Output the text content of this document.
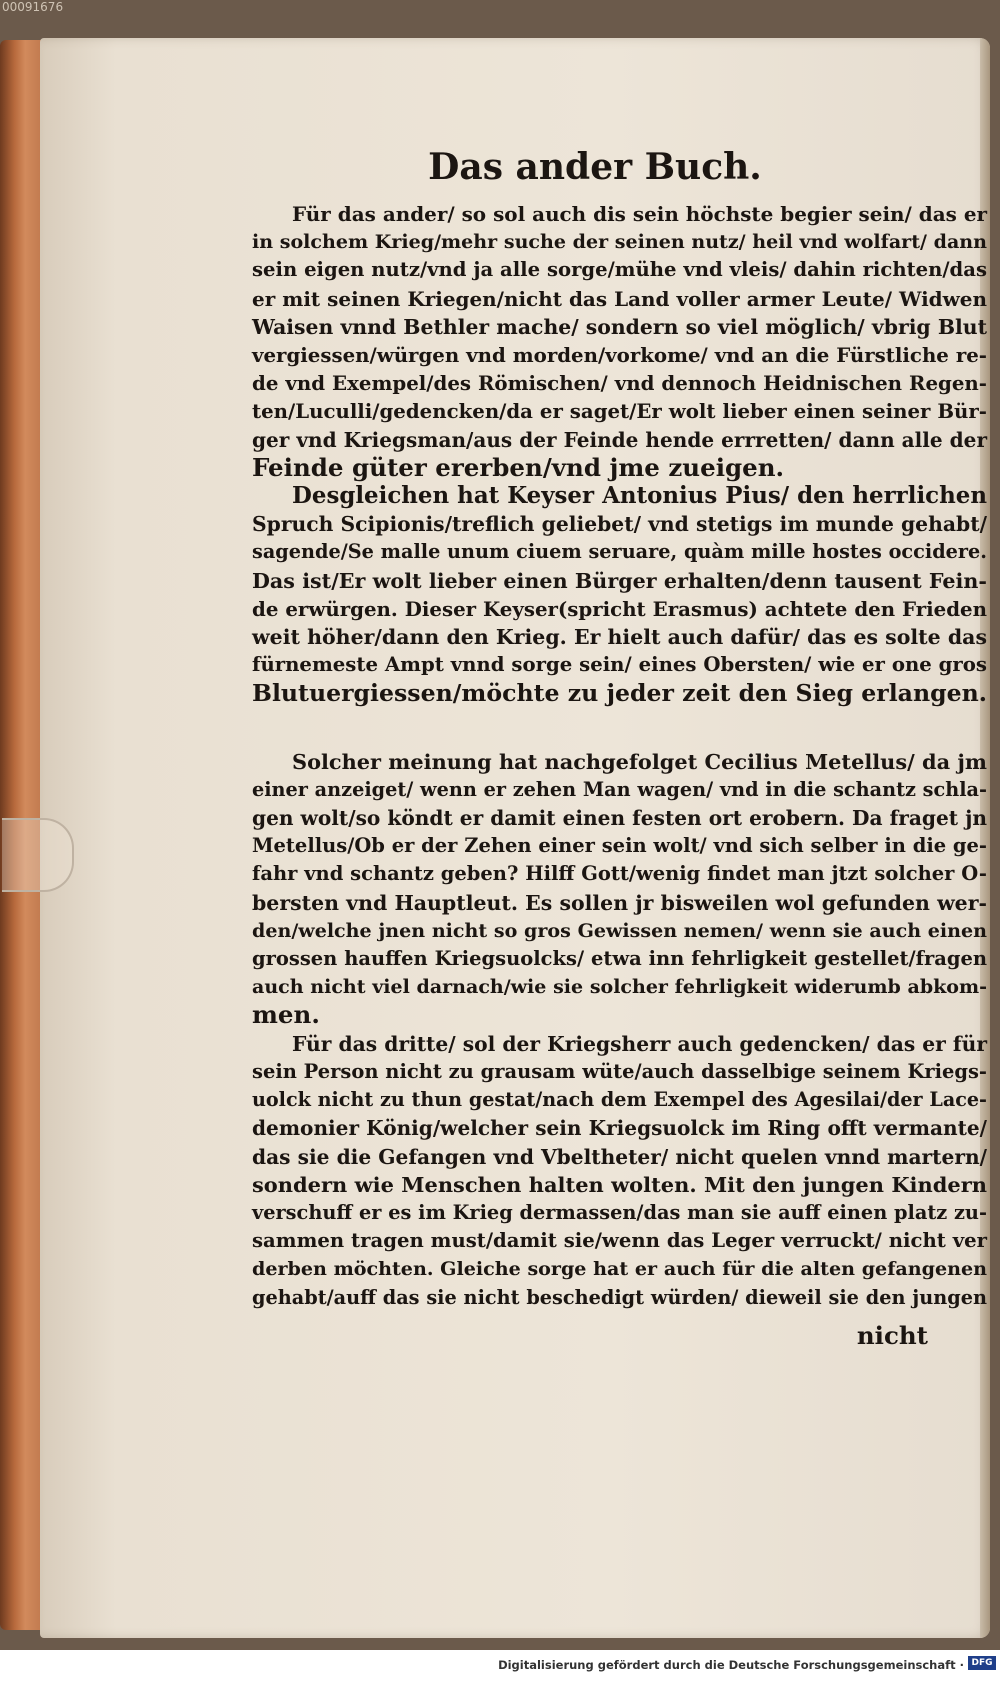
00091676
Das ander Buch.
Für das ander/ so sol auch dis sein höchste begier sein/ das er
in solchem Krieg/mehr suche der seinen nutz/ heil vnd wolfart/ dann
sein eigen nutz/vnd ja alle sorge/mühe vnd vleis/ dahin richten/das
er mit seinen Kriegen/nicht das Land voller armer Leute/ Widwen
Waisen vnnd Bethler mache/ sondern so viel möglich/ vbrig Blut
vergiessen/würgen vnd morden/vorkome/ vnd an die Fürstliche re-
de vnd Exempel/des Römischen/ vnd dennoch Heidnischen Regen-
ten/Luculli/gedencken/da er saget/Er wolt lieber einen seiner Bür-
ger vnd Kriegsman/aus der Feinde hende errretten/ dann alle der
Feinde güter ererben/vnd jme zueigen.
Desgleichen hat Keyser Antonius Pius/ den herrlichen
Spruch Scipionis/treflich geliebet/ vnd stetigs im munde gehabt/
sagende/Se malle unum ciuem seruare, quàm mille hostes occidere.
Das ist/Er wolt lieber einen Bürger erhalten/denn tausent Fein-
de erwürgen. Dieser Keyser(spricht Erasmus) achtete den Frieden
weit höher/dann den Krieg. Er hielt auch dafür/ das es solte das
fürnemeste Ampt vnnd sorge sein/ eines Obersten/ wie er one gros
Blutuergiessen/möchte zu jeder zeit den Sieg erlangen.
Solcher meinung hat nachgefolget Cecilius Metellus/ da jm
einer anzeiget/ wenn er zehen Man wagen/ vnd in die schantz schla-
gen wolt/so köndt er damit einen festen ort erobern. Da fraget jn
Metellus/Ob er der Zehen einer sein wolt/ vnd sich selber in die ge-
fahr vnd schantz geben? Hilff Gott/wenig findet man jtzt solcher O-
bersten vnd Hauptleut. Es sollen jr bisweilen wol gefunden wer-
den/welche jnen nicht so gros Gewissen nemen/ wenn sie auch einen
grossen hauffen Kriegsuolcks/ etwa inn fehrligkeit gestellet/fragen
auch nicht viel darnach/wie sie solcher fehrligkeit widerumb abkom-
men.
Für das dritte/ sol der Kriegsherr auch gedencken/ das er für
sein Person nicht zu grausam wüte/auch dasselbige seinem Kriegs-
uolck nicht zu thun gestat/nach dem Exempel des Agesilai/der Lace-
demonier König/welcher sein Kriegsuolck im Ring offt vermante/
das sie die Gefangen vnd Vbeltheter/ nicht quelen vnnd martern/
sondern wie Menschen halten wolten. Mit den jungen Kindern
verschuff er es im Krieg dermassen/das man sie auff einen platz zu-
sammen tragen must/damit sie/wenn das Leger verruckt/ nicht ver
derben möchten. Gleiche sorge hat er auch für die alten gefangenen
gehabt/auff das sie nicht beschedigt würden/ dieweil sie den jungen
nicht
Digitalisierung gefördert durch die Deutsche Forschungsgemeinschaft · DFG
